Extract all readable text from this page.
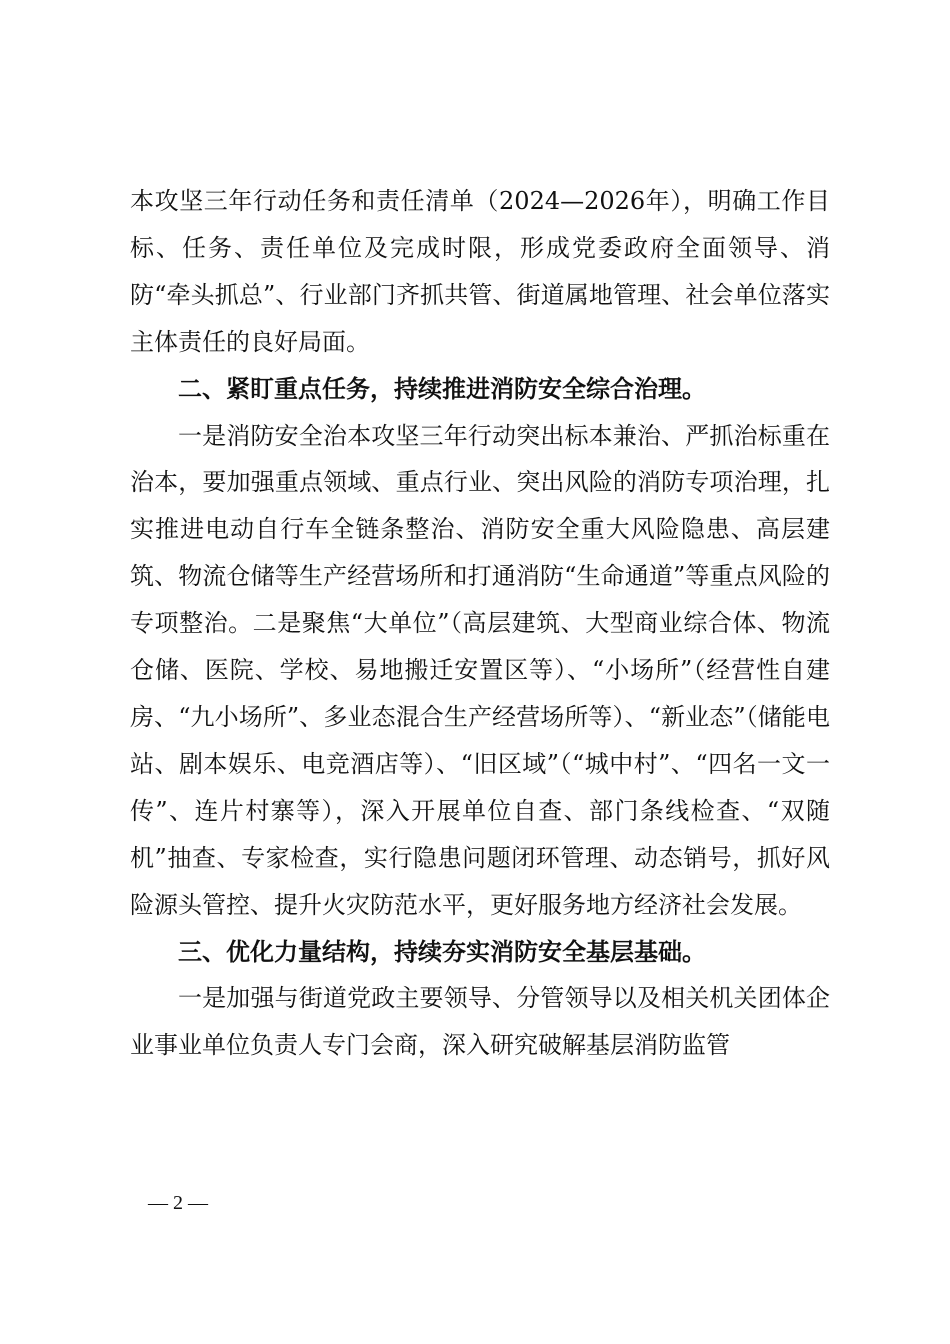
本攻坚三年行动任务和责任清单（2024—2026年），明确工作目标、任务、责任单位及完成时限，形成党委政府全面领导、消防“牵头抓总”、行业部门齐抓共管、街道属地管理、社会单位落实主体责任的良好局面。

二、紧盯重点任务，持续推进消防安全综合治理。

一是消防安全治本攻坚三年行动突出标本兼治、严抓治标重在治本，要加强重点领域、重点行业、突出风险的消防专项治理，扎实推进电动自行车全链条整治、消防安全重大风险隐患、高层建筑、物流仓储等生产经营场所和打通消防“生命通道”等重点风险的专项整治。二是聚焦“大单位”（高层建筑、大型商业综合体、物流仓储、医院、学校、易地搬迁安置区等）、“小场所”（经营性自建房、“九小场所”、多业态混合生产经营场所等）、“新业态”（储能电站、剧本娱乐、电竞酒店等）、“旧区域”（“城中村”、“四名一文一传”、连片村寨等），深入开展单位自查、部门条线检查、“双随机”抽查、专家检查，实行隐患问题闭环管理、动态销号，抓好风险源头管控、提升火灾防范水平，更好服务地方经济社会发展。

三、优化力量结构，持续夯实消防安全基层基础。

一是加强与街道党政主要领导、分管领导以及相关机关团体企业事业单位负责人专门会商，深入研究破解基层消防监管

— 2 —
